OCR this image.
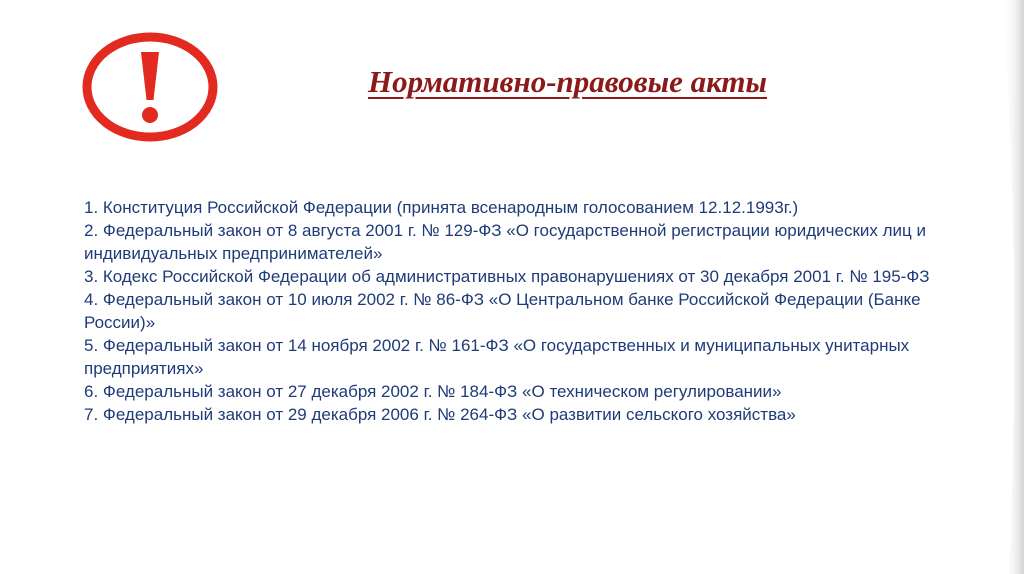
Нормативно-правовые акты
1. Конституция Российской Федерации (принята всенародным голосованием 12.12.1993г.)
2. Федеральный закон от 8 августа 2001 г. № 129-ФЗ «О государственной регистрации юридических лиц и индивидуальных предпринимателей»
3. Кодекс Российской Федерации об административных правонарушениях от 30 декабря 2001 г. № 195-ФЗ
4. Федеральный закон от 10 июля 2002 г. № 86-ФЗ «О Центральном банке Российской Федерации (Банке России)»
5. Федеральный закон от 14 ноября 2002 г. № 161-ФЗ «О государственных и муниципальных унитарных предприятиях»
6. Федеральный закон от 27 декабря 2002 г. № 184-ФЗ «О техническом регулировании»
7. Федеральный закон от 29 декабря 2006 г. № 264-ФЗ «О развитии сельского хозяйства»
